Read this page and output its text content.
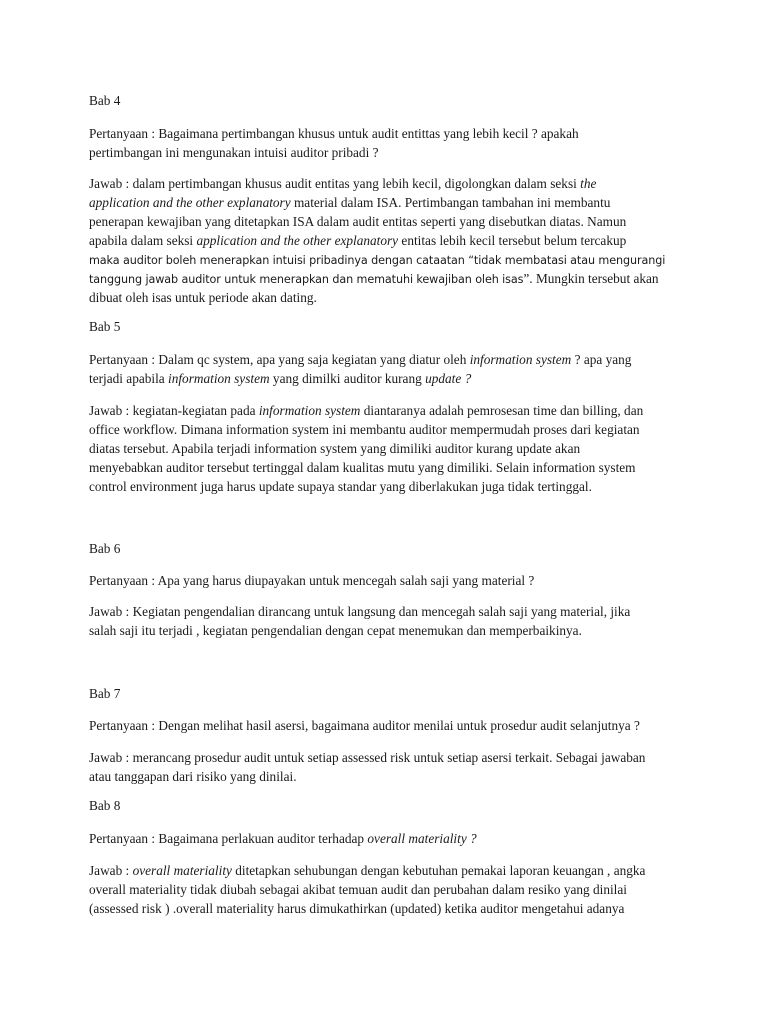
Bab 4
Pertanyaan : Bagaimana pertimbangan khusus untuk audit entittas yang lebih kecil ? apakah
pertimbangan ini mengunakan intuisi auditor pribadi ?
Jawab : dalam pertimbangan khusus audit entitas yang lebih kecil, digolongkan dalam seksi the
application and the other explanatory material dalam ISA. Pertimbangan tambahan ini membantu
penerapan kewajiban yang ditetapkan ISA dalam audit entitas seperti yang disebutkan diatas. Namun
apabila dalam seksi application and the other explanatory entitas lebih kecil tersebut belum tercakup
maka auditor boleh menerapkan intuisi pribadinya dengan cataatan “tidak membatasi atau mengurangi
tanggung jawab auditor untuk menerapkan dan mematuhi kewajiban oleh isas”. Mungkin tersebut akan
dibuat oleh isas untuk periode akan dating.
Bab 5
Pertanyaan : Dalam qc system, apa yang saja kegiatan yang diatur oleh information system ? apa yang
terjadi apabila information system yang dimilki auditor kurang update ?
Jawab : kegiatan-kegiatan pada information system diantaranya adalah pemrosesan time dan billing, dan
office workflow. Dimana information system ini membantu auditor mempermudah proses dari kegiatan
diatas tersebut. Apabila terjadi information system yang dimiliki auditor kurang update akan
menyebabkan auditor tersebut tertinggal dalam kualitas mutu yang dimiliki. Selain information system
control environment juga harus update supaya standar yang diberlakukan juga tidak tertinggal.
Bab 6
Pertanyaan : Apa yang harus diupayakan untuk mencegah salah saji yang material ?
Jawab : Kegiatan pengendalian dirancang untuk langsung dan mencegah salah saji yang material, jika
salah saji itu terjadi , kegiatan pengendalian dengan cepat menemukan dan memperbaikinya.
Bab 7
Pertanyaan : Dengan melihat hasil asersi, bagaimana auditor menilai untuk prosedur audit selanjutnya ?
Jawab : merancang prosedur audit untuk setiap assessed risk untuk setiap asersi terkait. Sebagai jawaban
atau tanggapan dari risiko yang dinilai.
Bab 8
Pertanyaan : Bagaimana perlakuan auditor terhadap overall materiality ?
Jawab : overall materiality ditetapkan sehubungan dengan kebutuhan pemakai laporan keuangan , angka
overall materiality tidak diubah sebagai akibat temuan audit dan perubahan dalam resiko yang dinilai
(assessed risk ) .overall materiality harus dimukathirkan (updated) ketika auditor mengetahui adanya
